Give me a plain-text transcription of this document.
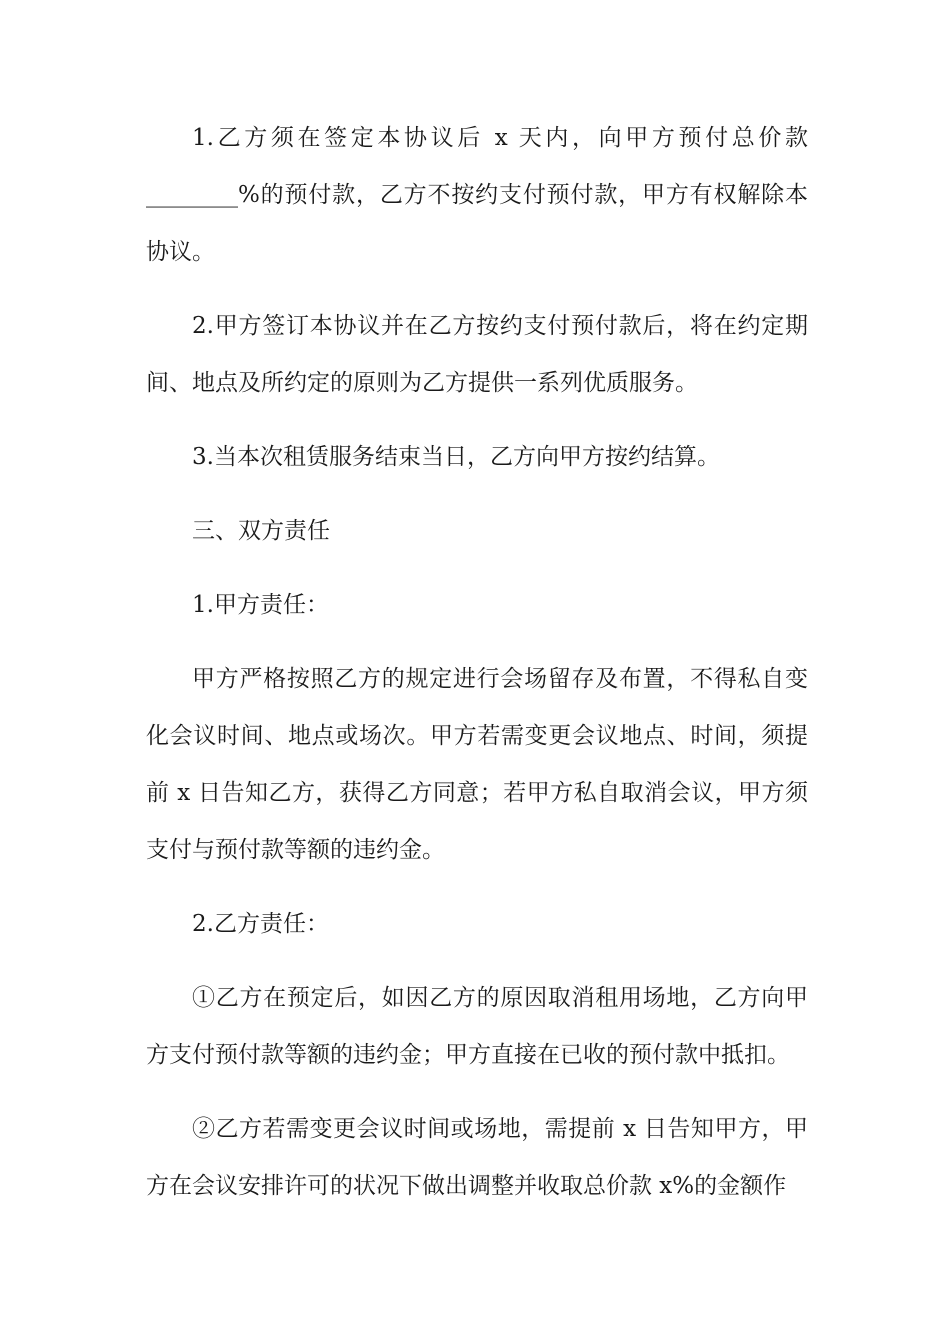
1.乙方须在签定本协议后 x 天内，向甲方预付总价款________%的预付款，乙方不按约支付预付款，甲方有权解除本协议。

2.甲方签订本协议并在乙方按约支付预付款后，将在约定期间、地点及所约定的原则为乙方提供一系列优质服务。

3.当本次租赁服务结束当日，乙方向甲方按约结算。

三、双方责任

1.甲方责任：

甲方严格按照乙方的规定进行会场留存及布置，不得私自变化会议时间、地点或场次。甲方若需变更会议地点、时间，须提前 x 日告知乙方，获得乙方同意；若甲方私自取消会议，甲方须支付与预付款等额的违约金。

2.乙方责任：

①乙方在预定后，如因乙方的原因取消租用场地，乙方向甲方支付预付款等额的违约金；甲方直接在已收的预付款中抵扣。

②乙方若需变更会议时间或场地，需提前 x 日告知甲方，甲方在会议安排许可的状况下做出调整并收取总价款 x%的金额作
